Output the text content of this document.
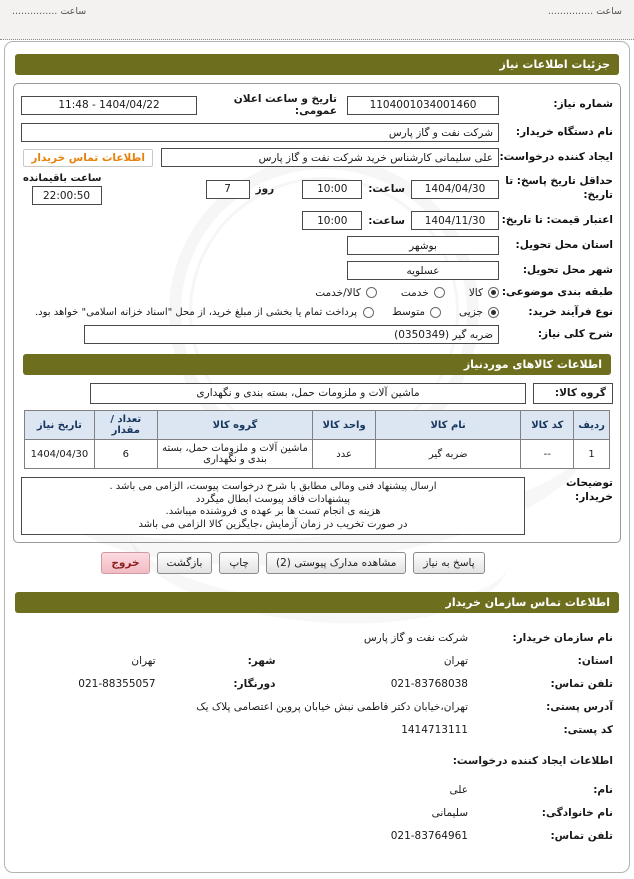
ساعت ...............
ساعت ...............
جزئیات اطلاعات نیاز
شماره نیاز:
1104001034001460
تاریخ و ساعت اعلان عمومی:
1404/04/22 - 11:48
نام دستگاه خریدار:
شرکت نفت و گاز پارس
ایجاد کننده درخواست:
علی سلیمانی کارشناس خرید شرکت نفت و گاز پارس
اطلاعات تماس خریدار
حداقل تاریخ پاسخ: تا تاریخ:
1404/04/30
ساعت:
10:00
روز
7
ساعت باقیمانده
22:00:50
اعتبار قیمت: تا تاریخ:
1404/11/30
ساعت:
10:00
استان محل تحویل:
بوشهر
شهر محل تحویل:
عسلویه
طبقه بندی موضوعی:
کالا
خدمت
کالا/خدمت
نوع فرآیند خرید:
جزیی
متوسط
پرداخت تمام یا بخشی از مبلغ خرید، از محل "اسناد خزانه اسلامی" خواهد بود.
شرح کلی نیاز:
ضربه گیر (0350349)
اطلاعات کالاهای موردنیاز
گروه کالا:
ماشین آلات و ملزومات حمل، بسته بندی و نگهداری
ردیف	کد کالا	نام کالا	واحد کالا	گروه کالا	تعداد / مقدار	تاریخ نیاز
1	--	ضربه گیر	عدد	ماشین آلات و ملزومات حمل، بسته بندی و نگهداری	6	1404/04/30
توضیحات خریدار:
ارسال پیشنهاد فنی ومالی مطابق با شرح درخواست پیوست، الزامی می باشد .
پیشنهادات فاقد پیوست ابطال میگردد
هزینه ی انجام تست ها بر عهده ی فروشنده میباشد.
در صورت تخریب در زمان آزمایش ،جایگزین کالا الزامی می باشد
پاسخ به نیاز
مشاهده مدارک پیوستی (2)
چاپ
بازگشت
خروج
اطلاعات تماس سازمان خریدار
نام سازمان خریدار:
شرکت نفت و گاز پارس
استان:
تهران
شهر:
تهران
تلفن تماس:
021-83768038
دورنگار:
021-88355057
آدرس پستی:
تهران،خیابان دکتر فاطمی نبش خیابان پروین اعتصامی پلاک یک
کد پستی:
1414713111
اطلاعات ایجاد کننده درخواست:
نام:
علی
نام خانوادگی:
سلیمانی
تلفن تماس:
021-83764961
